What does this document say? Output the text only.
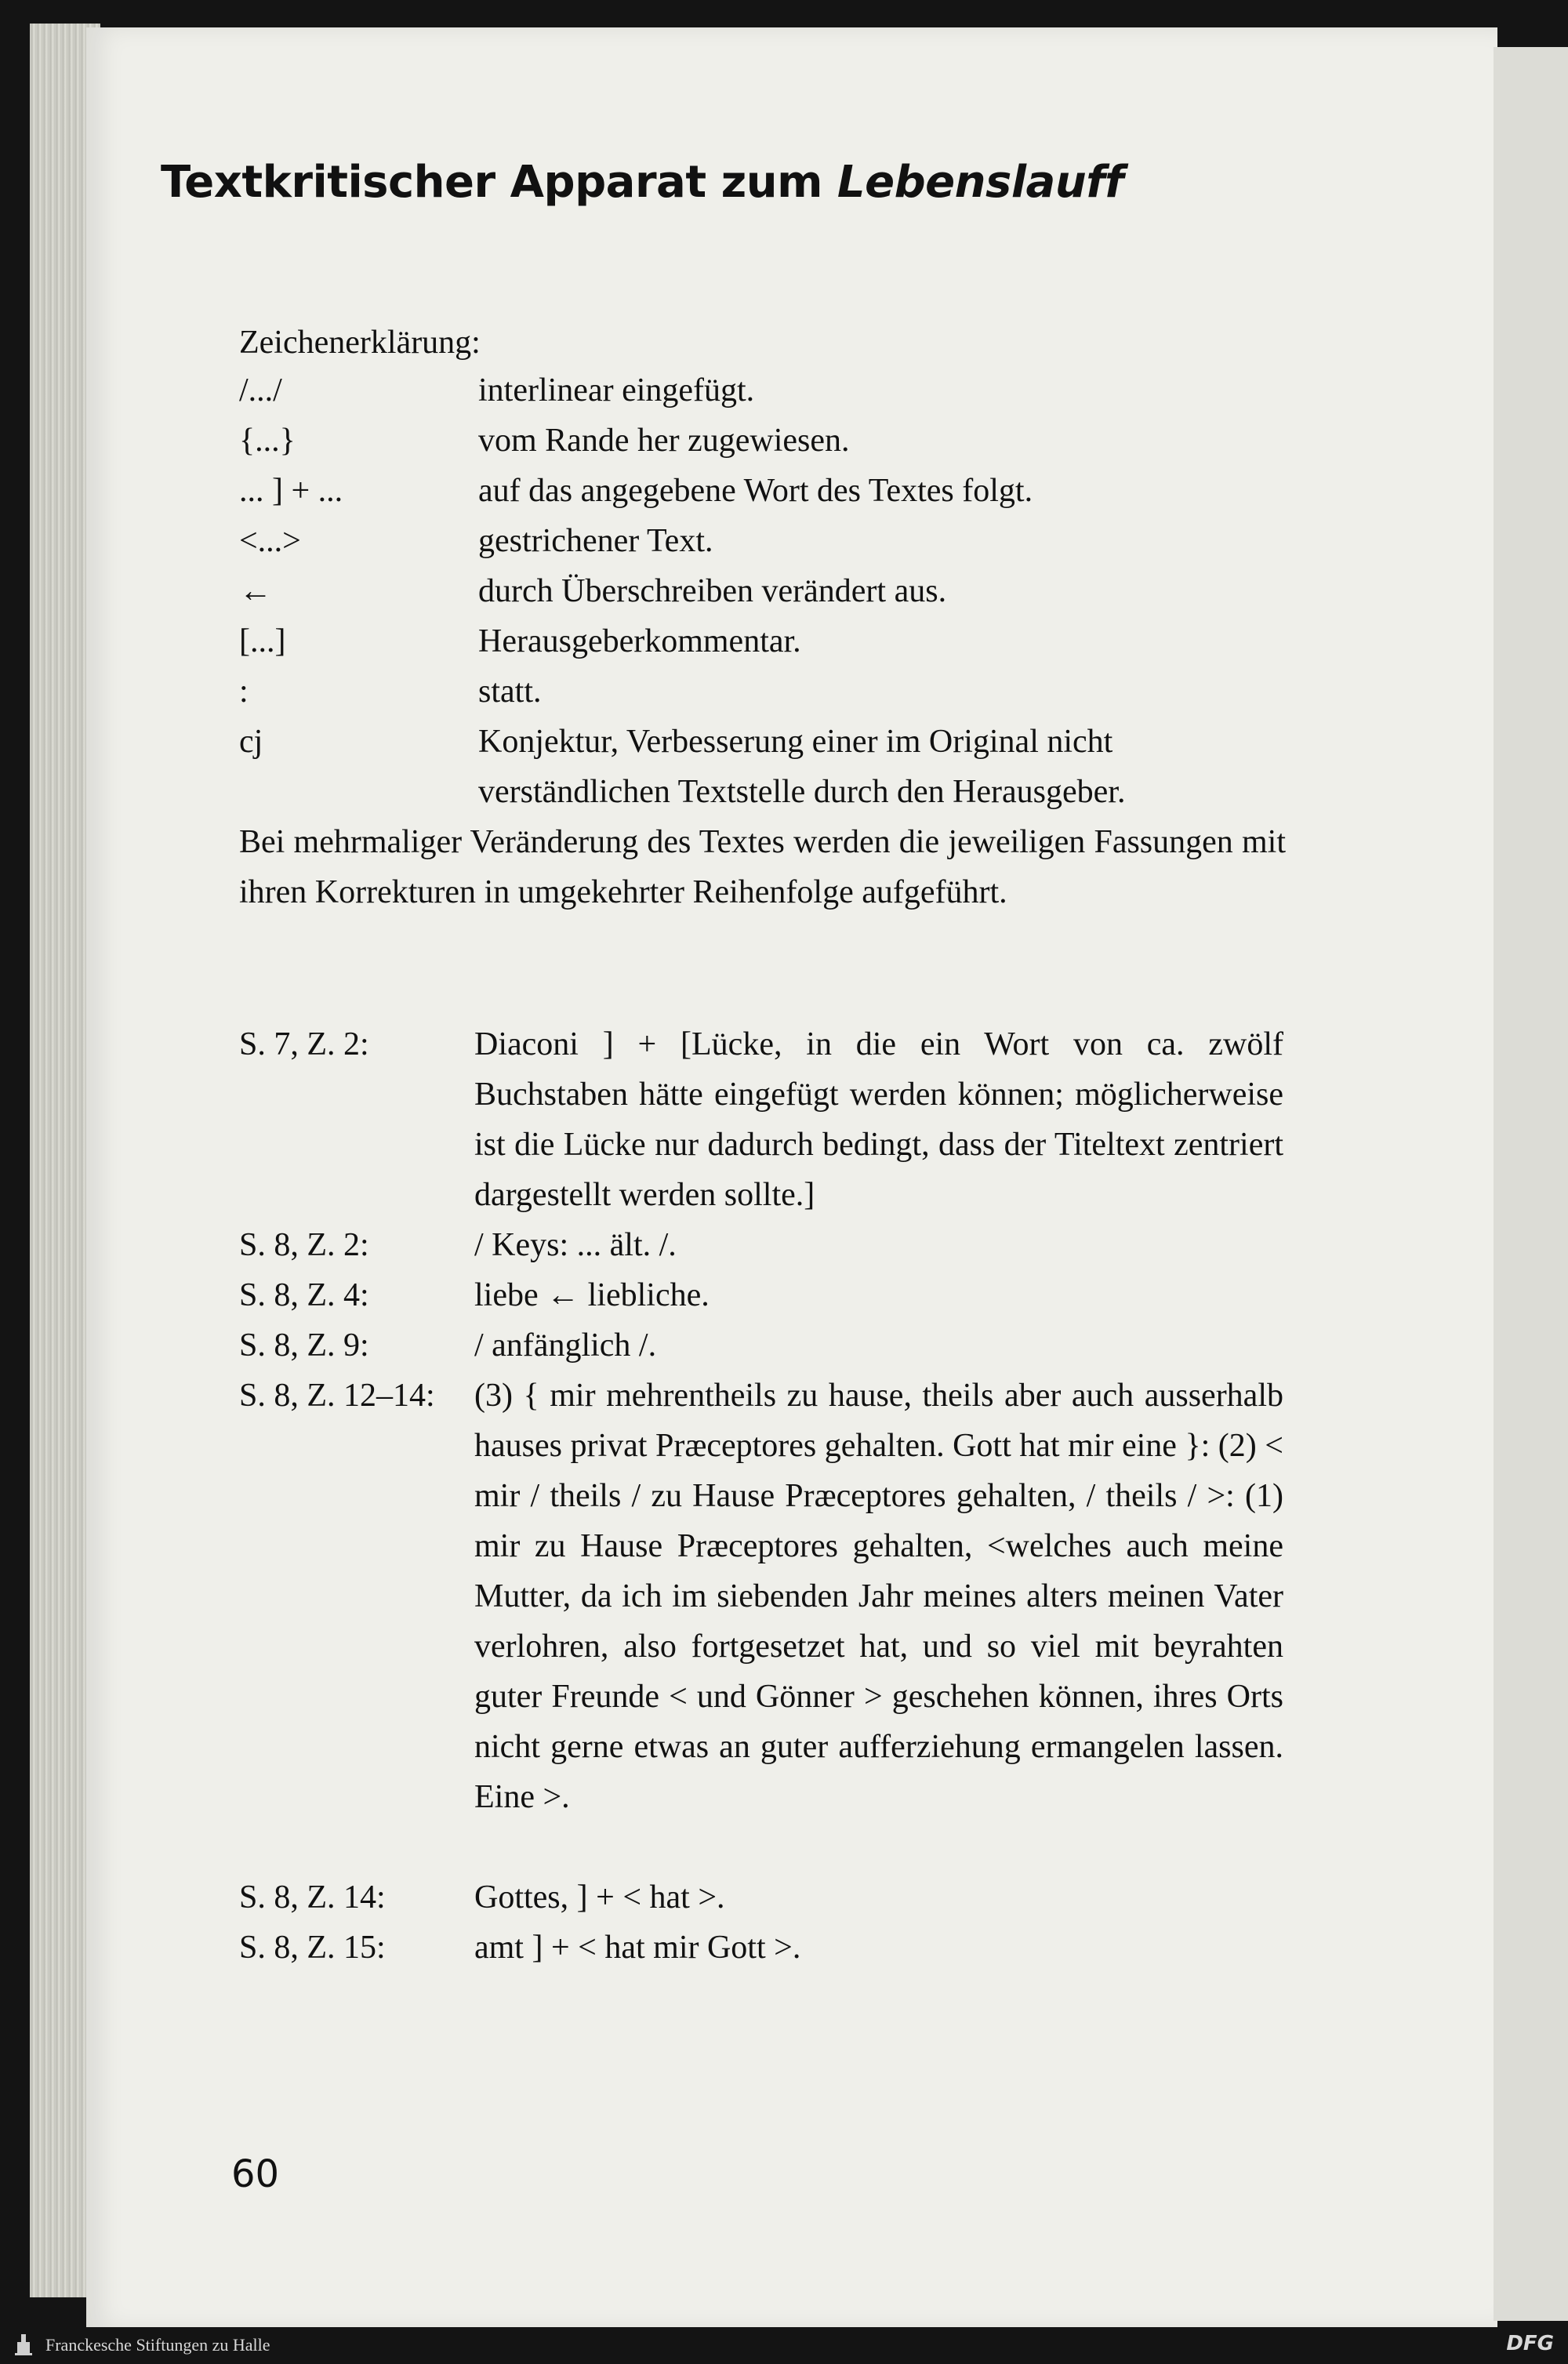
Textkritischer Apparat zum Lebenslauff
Zeichenerklärung:
/.../	interlinear eingefügt.
{...}	vom Rande her zugewiesen.
... ] + ...	auf das angegebene Wort des Textes folgt.
<...>	gestrichener Text.
←	durch Überschreiben verändert aus.
[...]	Herausgeberkommentar.
:	statt.
cj	Konjektur, Verbesserung einer im Original nicht
verständlichen Textstelle durch den Herausgeber.
Bei mehrmaliger Veränderung des Textes werden die jeweiligen Fassungen mit ihren Korrekturen in umgekehrter Reihenfolge aufgeführt.
S. 7, Z. 2:	Diaconi ] + [Lücke, in die ein Wort von ca. zwölf Buchstaben hätte eingefügt werden können; möglicherweise ist die Lücke nur dadurch bedingt, dass der Titeltext zentriert dargestellt werden sollte.]
S. 8, Z. 2:	/ Keys: ... ält. /.
S. 8, Z. 4:	liebe ← liebliche.
S. 8, Z. 9:	/ anfänglich /.
S. 8, Z. 12–14: (3) { mir mehrentheils zu hause, theils aber auch ausserhalb hauses privat Præceptores gehalten. Gott hat mir eine }: (2) < mir / theils / zu Hause Præceptores gehalten, / theils / >: (1) mir zu Hause Præceptores gehalten, <welches auch meine Mutter, da ich im siebenden Jahr meines alters meinen Vater verlohren, also fortgesetzet hat, und so viel mit beyrahten guter Freunde < und Gönner > geschehen können, ihres Orts nicht gerne etwas an guter aufferziehung ermangelen lassen. Eine >.
S. 8, Z. 14:	Gottes, ] + < hat >.
S. 8, Z. 15:	amt ] + < hat mir Gott >.
60
Franckesche Stiftungen zu Halle	DFG
